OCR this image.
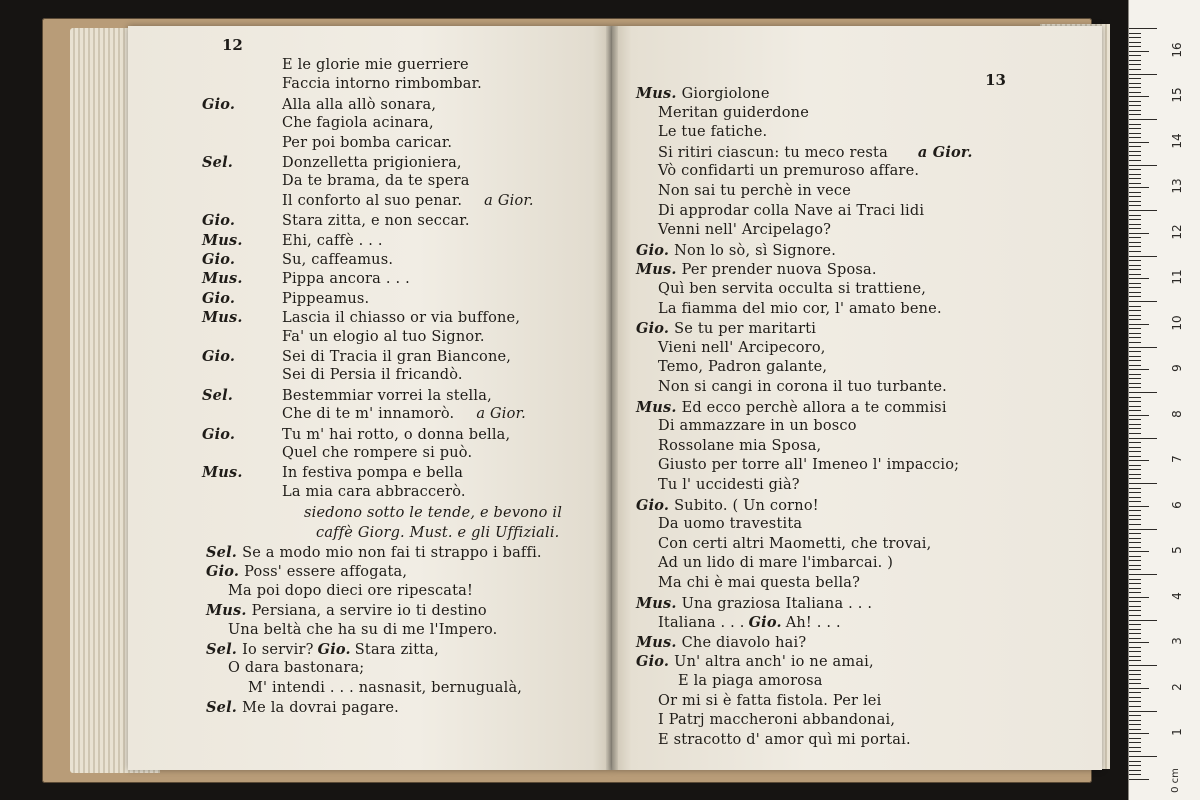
12
E le glorie mie guerriere
Faccia intorno rimbombar.
Gio.	Alla alla allò sonara,
Che fagiola acinara,
Per poi bomba caricar.
Sel.	Donzelletta prigioniera,
Da te brama, da te spera
Il conforto al suo penar. a Gior.
Gio.	Stara zitta, e non seccar.
Mus.	Ehi, caffè . . .
Gio.	Su, caffeamus.
Mus.	Pippa ancora . . .
Gio.	Pippeamus.
Mus.	Lascia il chiasso or via buffone,
Fa' un elogio al tuo Signor.
Gio.	Sei di Tracia il gran Biancone,
Sei di Persia il fricandò.
Sel.	Bestemmiar vorrei la stella,
Che di te m' innamorò. a Gior.
Gio.	Tu m' hai rotto, o donna bella,
Quel che rompere si può.
Mus.	In festiva pompa e bella
La mia cara abbraccerò.
siedono sotto le tende, e bevono il
caffè Giorg. Must. e gli Uffiziali.
Sel. Se a modo mio non fai ti strappo i baffi.
Gio. Poss' essere affogata,
Ma poi dopo dieci ore ripescata!
Mus. Persiana, a servire io ti destino
Una beltà che ha su di me l'Impero.
Sel. Io servir? Gio. Stara zitta,
O dara bastonara;
M' intendi . . . nasnasit, bernugualà,
Sel. Me la dovrai pagare.
13
Mus. Giorgiolone
Meritan guiderdone
Le tue fatiche.
Si ritiri ciascun: tu meco resta a Gior.
Vò confidarti un premuroso affare.
Non sai tu perchè in vece
Di approdar colla Nave ai Traci lidi
Venni nell' Arcipelago?
Gio. Non lo sò, sì Signore.
Mus. Per prender nuova Sposa.
Quì ben servita occulta si trattiene,
La fiamma del mio cor, l' amato bene.
Gio. Se tu per maritarti
Vieni nell' Arcipecoro,
Temo, Padron galante,
Non si cangi in corona il tuo turbante.
Mus. Ed ecco perchè allora a te commisi
Di ammazzare in un bosco
Rossolane mia Sposa,
Giusto per torre all' Imeneo l' impaccio;
Tu l' uccidesti già?
Gio. Subito. ( Un corno!
Da uomo travestita
Con certi altri Maometti, che trovai,
Ad un lido di mare l'imbarcai. )
Ma chi è mai questa bella?
Mus. Una graziosa Italiana . . .
Italiana . . . Gio. Ah! . . .
Mus. Che diavolo hai?
Gio. Un' altra anch' io ne amai,
E la piaga amorosa
Or mi si è fatta fistola. Per lei
I Patrj maccheroni abbandonai,
E stracotto d' amor quì mi portai.
0 cm
16
15
14
13
12
11
10
9
8
7
6
5
4
3
2
1
